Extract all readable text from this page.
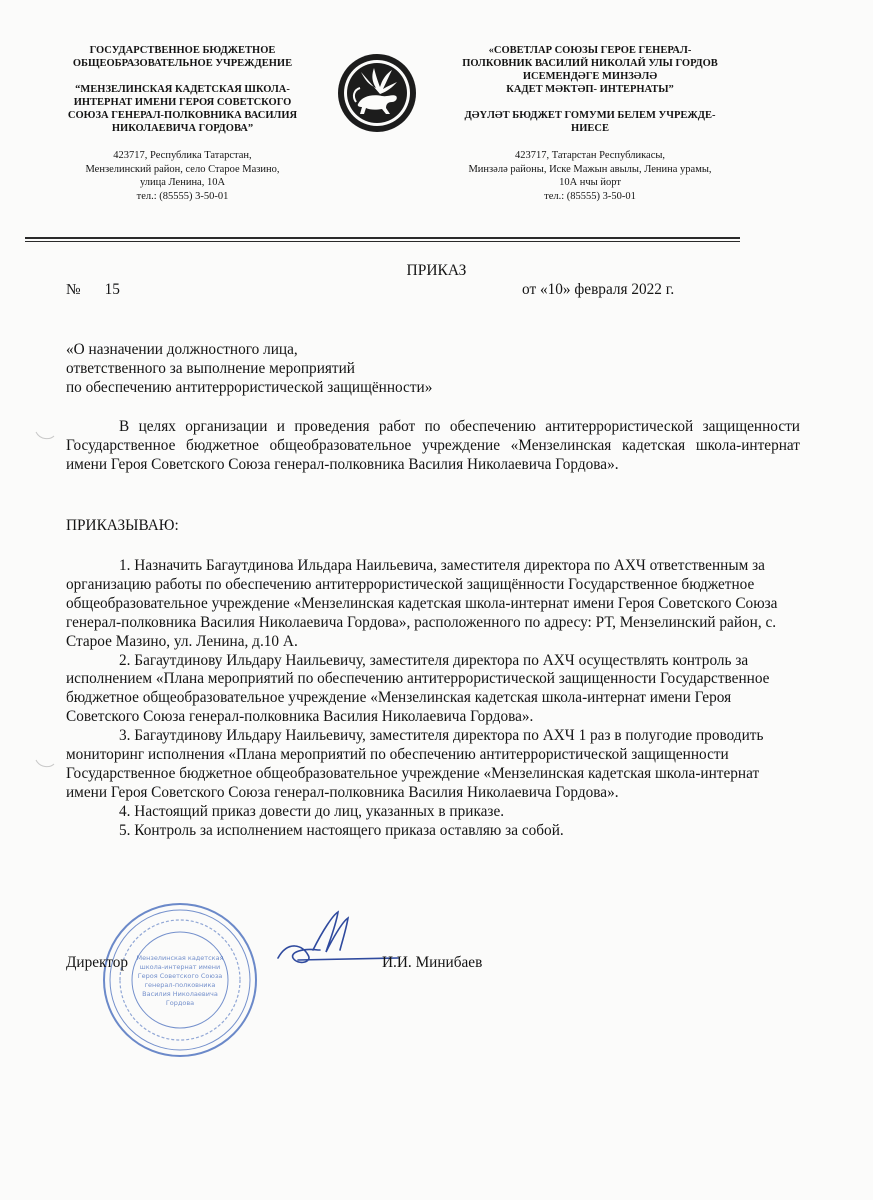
ГОСУДАРСТВЕННОЕ БЮДЖЕТНОЕ
ОБЩЕОБРАЗОВАТЕЛЬНОЕ УЧРЕЖДЕНИЕ
“МЕНЗЕЛИНСКАЯ КАДЕТСКАЯ ШКОЛА-
ИНТЕРНАТ ИМЕНИ ГЕРОЯ СОВЕТСКОГО
СОЮЗА ГЕНЕРАЛ-ПОЛКОВНИКА ВАСИЛИЯ
НИКОЛАЕВИЧА ГОРДОВА”
423717, Республика Татарстан,
Мензелинский район, село Старое Мазино,
улица Ленина, 10А
тел.: (85555) 3-50-01
«СОВЕТЛАР СОЮЗЫ ГЕРОЕ ГЕНЕРАЛ-
ПОЛКОВНИК ВАСИЛИЙ НИКОЛАЙ УЛЫ ГОРДОВ
ИСЕМЕНДӘГЕ МИНЗӘЛӘ
КАДЕТ МӘКТӘП- ИНТЕРНАТЫ”
ДӘҮЛӘТ БЮДЖЕТ ГОМУМИ БЕЛЕМ УЧРЕЖДЕ-
НИЕСЕ
423717, Татарстан Республикасы,
Минзәлә районы, Иске Мажын авылы, Ленина урамы,
10А нчы йорт
тел.: (85555) 3-50-01
ПРИКАЗ
№ 15	от «10» февраля 2022 г.
«О назначении должностного лица,
ответственного за выполнение мероприятий
по обеспечению антитеррористической защищённости»
В целях организации и проведения работ по обеспечению антитеррористической защищенности Государственное бюджетное общеобразовательное учреждение «Мензелинская кадетская школа-интернат имени Героя Советского Союза генерал-полковника Василия Николаевича Гордова».
ПРИКАЗЫВАЮ:

1. Назначить Багаутдинова Ильдара Наильевича, заместителя директора по АХЧ ответственным за организацию работы по обеспечению антитеррористической защищённости Государственное бюджетное общеобразовательное учреждение «Мензелинская кадетская школа-интернат имени Героя Советского Союза генерал-полковника Василия Николаевича Гордова», расположенного по адресу: РТ, Мензелинский район, с. Старое Мазино, ул. Ленина, д.10 А.

2. Багаутдинову Ильдару Наильевичу, заместителя директора по АХЧ осуществлять контроль за исполнением «Плана мероприятий по обеспечению антитеррористической защищенности Государственное бюджетное общеобразовательное учреждение «Мензелинская кадетская школа-интернат имени Героя Советского Союза генерал-полковника Василия Николаевича Гордова».

3. Багаутдинову Ильдару Наильевичу, заместителя директора по АХЧ 1 раз в полугодие проводить мониторинг исполнения «Плана мероприятий по обеспечению антитеррористической защищенности Государственное бюджетное общеобразовательное учреждение «Мензелинская кадетская школа-интернат имени Героя Советского Союза генерал-полковника Василия Николаевича Гордова».

4. Настоящий приказ довести до лиц, указанных в приказе.

5. Контроль за исполнением настоящего приказа оставляю за собой.

Мензелинская кадетская
школа-интернат имени
Героя Советского Союза
генерал-полковника
Василия Николаевича
Гордова
Директор	И.И. Минибаев
